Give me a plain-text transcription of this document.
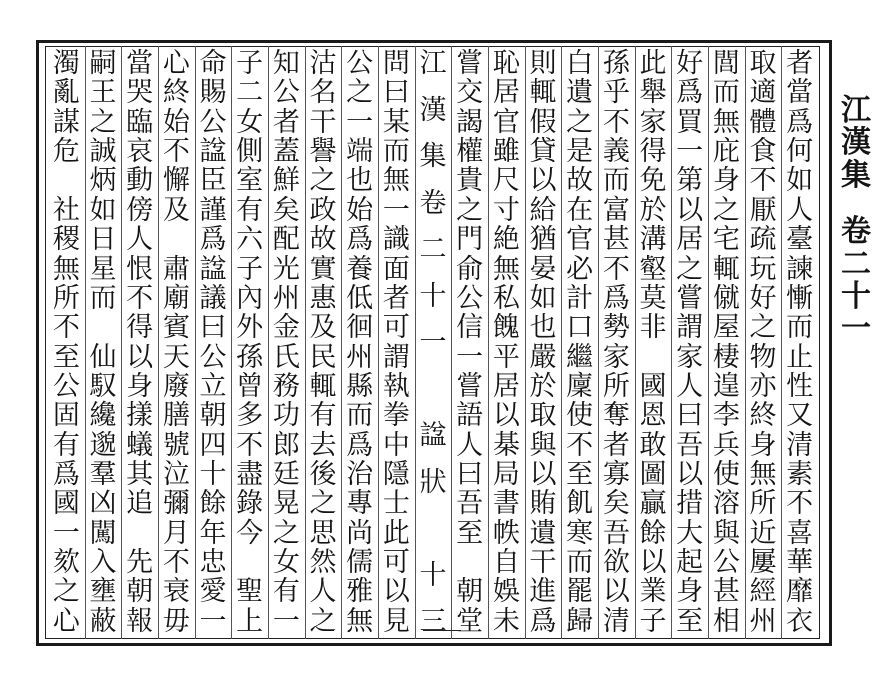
者
當
爲
何
如
人
臺
諫
慚
而
止
性
又
清
素
不
喜
華
靡
衣
取
適
體
食
不
厭
疏
玩
好
之
物
亦
終
身
無
所
近
屢
經
州
閭
而
無
庇
身
之
宅
輒
僦
屋
棲
遑
李
兵
使
溶
與
公
甚
相
好
爲
買
一
第
以
居
之
嘗
謂
家
人
曰
吾
以
措
大
起
身
至
此
舉
家
得
免
於
溝
壑
莫
非

國
恩
敢
圖
贏
餘
以
業
子
孫
乎
不
義
而
富
甚
不
爲
勢
家
所
奪
者
寡
矣
吾
欲
以
清
白
遺
之
是
故
在
官
必
計
口
繼
廩
使
不
至
飢
寒
而
罷
歸
則
輒
假
貸
以
給
猶
晏
如
也
嚴
於
取
與
以
賄
遺
干
進
爲
恥
居
官
雖
尺
寸
絶
無
私
餽
平
居
以
棊
局
書
帙
自
娛
未
嘗
交
謁
權
貴
之
門
俞
公
信
一
嘗
語
人
曰
吾
至

朝
堂
江
漢
集
卷
二
十
一

諡
狀

十
三
問
曰
某
而
無
一
識
面
者
可
謂
執
拳
中
隱
士
此
可
以
見
公
之
一
端
也
始
爲
養
低
徊
州
縣
而
爲
治
專
尚
儒
雅
無
沽
名
干
譽
之
政
故
實
惠
及
民
輒
有
去
後
之
思
然
人
之
知
公
者
蓋
鮮
矣
配
光
州
金
氏
務
功
郎
廷
晃
之
女
有
一
子
二
女
側
室
有
六
子
內
外
孫
曾
多
不
盡
錄
今

聖
上
命
賜
公
諡
臣
謹
爲
諡
議
曰
公
立
朝
四
十
餘
年
忠
愛
一
心
終
始
不
懈
及

肅
廟
賓
天
廢
膳
號
泣
彌
月
不
衰
毋
當
哭
臨
哀
動
傍
人
恨
不
得
以
身
㨾
蟻
其
追

先
朝
報
嗣
王
之
誠
炳
如
日
星
而

仙
馭
纔
邈
羣
凶
闖
入
壅
蔽
濁
亂
謀
危

社
稷
無
所
不
至
公
固
有
爲
國
一
欬
之
心
江
漢
集

卷
二
十
一
